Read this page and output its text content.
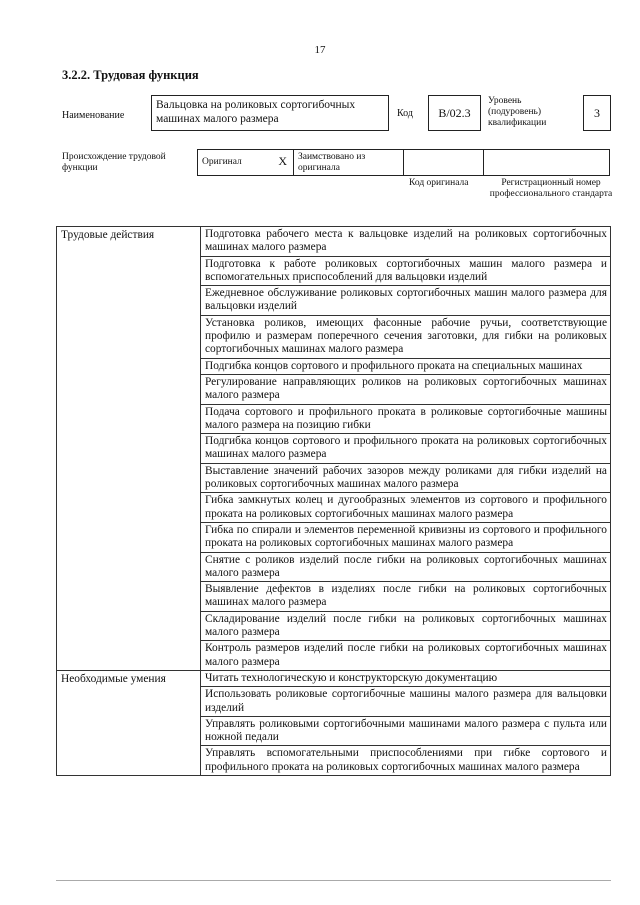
17
3.2.2. Трудовая функция
Наименование
Вальцовка на роликовых сортогибочных машинах малого размера	Код	B/02.3
Уровень (подуровень) квалификации
3
Происхождение трудовой функции
Оригинал	X	Заимствовано из оригинала		
Код оригинала	Регистрационный номер профессионального стандарта
Трудовые действия	Подготовка рабочего места к вальцовке изделий на роликовых сортогибочных машинах малого размера
	Подготовка к работе роликовых сортогибочных машин малого размера и вспомогательных приспособлений для вальцовки изделий
	Ежедневное обслуживание роликовых сортогибочных машин малого размера для вальцовки изделий
	Установка роликов, имеющих фасонные рабочие ручьи, соответствующие профилю и размерам поперечного сечения заготовки, для гибки на роликовых сортогибочных машинах малого размера
	Подгибка концов сортового и профильного проката на специальных машинах
	Регулирование направляющих роликов на роликовых сортогибочных машинах малого размера
	Подача сортового и профильного проката в роликовые сортогибочные машины малого размера на позицию гибки
	Подгибка концов сортового и профильного проката на роликовых сортогибочных машинах малого размера
	Выставление значений рабочих зазоров между роликами для гибки изделий на роликовых сортогибочных машинах малого размера
	Гибка замкнутых колец и дугообразных элементов из сортового и профильного проката на роликовых сортогибочных машинах малого размера
	Гибка по спирали и элементов переменной кривизны из сортового и профильного проката на роликовых сортогибочных машинах малого размера
	Снятие с роликов изделий после гибки на роликовых сортогибочных машинах малого размера
	Выявление дефектов в изделиях после гибки на роликовых сортогибочных машинах малого размера
	Складирование изделий после гибки на роликовых сортогибочных машинах малого размера
	Контроль размеров изделий после гибки на роликовых сортогибочных машинах малого размера
Необходимые умения	Читать технологическую и конструкторскую документацию
	Использовать роликовые сортогибочные машины малого размера для вальцовки изделий
	Управлять роликовыми сортогибочными машинами малого размера с пульта или ножной педали
	Управлять вспомогательными приспособлениями при гибке сортового и профильного проката на роликовых сортогибочных машинах малого размера
